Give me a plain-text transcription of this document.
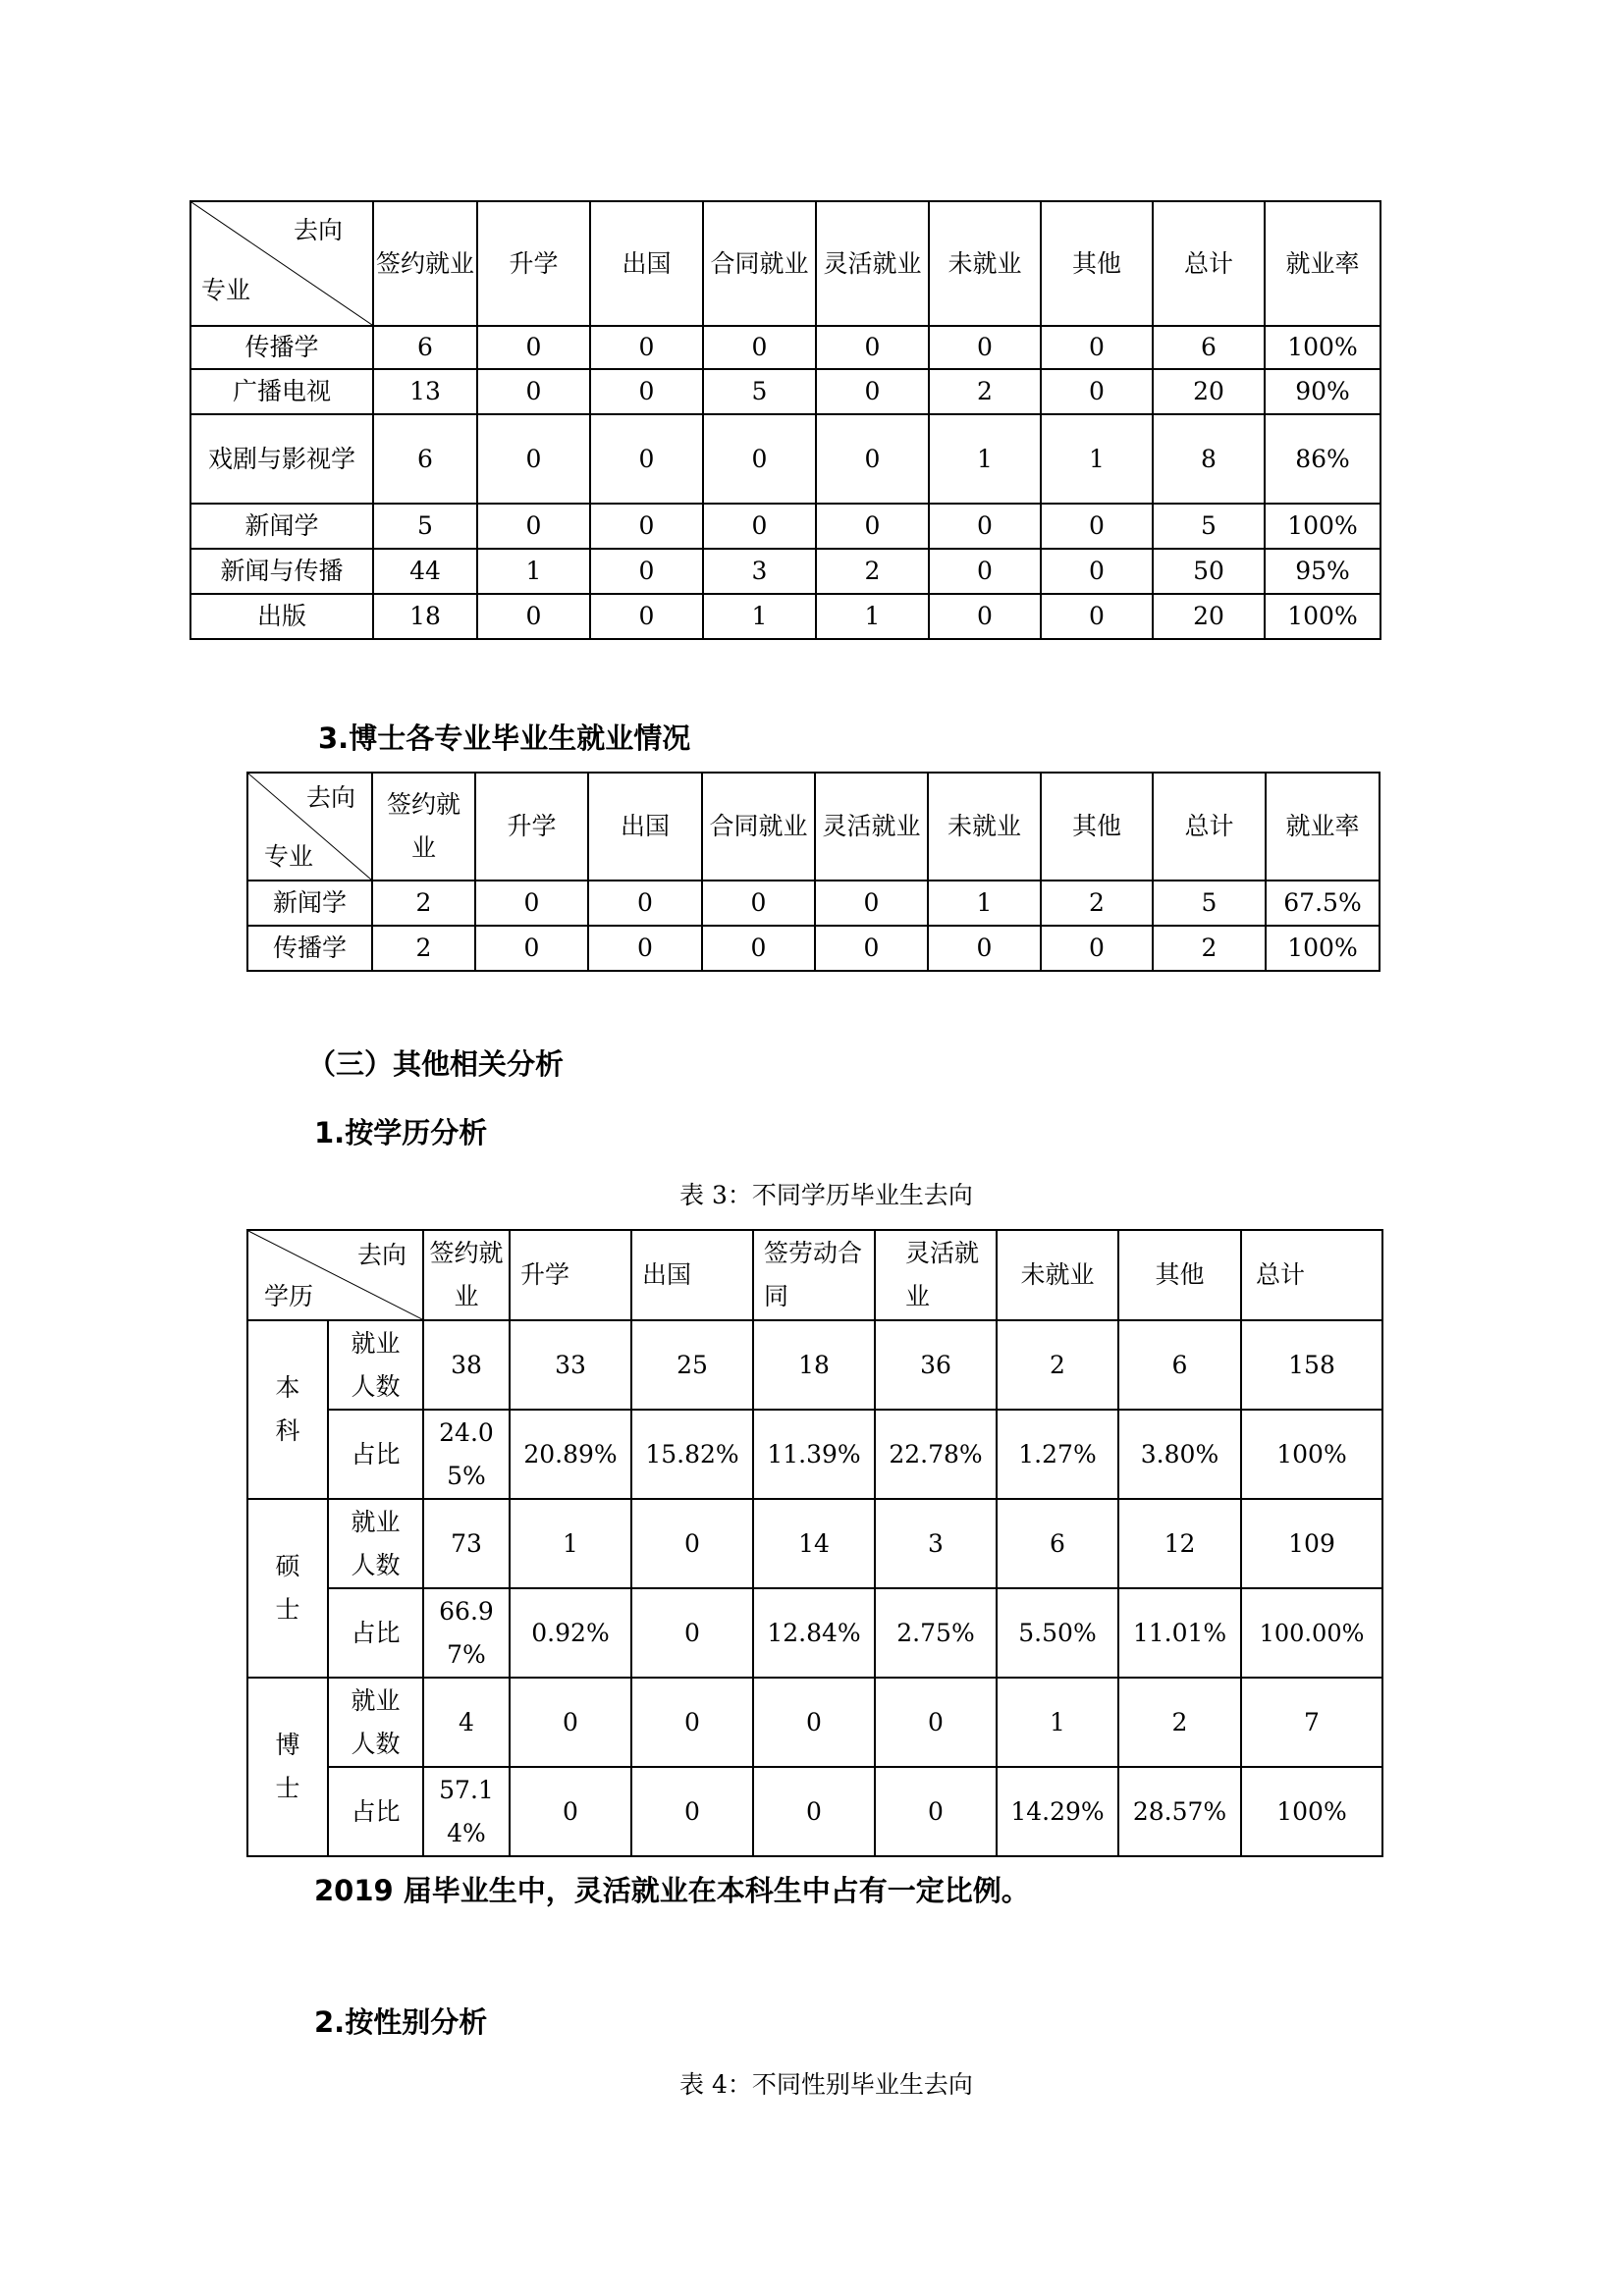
去向
专业	签约就业	升学	出国	合同就业	灵活就业	未就业	其他	总计	就业率
传播学	6	0	0	0	0	0	0	6	100%
广播电视	13	0	0	5	0	2	0	20	90%
戏剧与影视学	6	0	0	0	0	1	1	8	86%
新闻学	5	0	0	0	0	0	0	5	100%
新闻与传播	44	1	0	3	2	0	0	50	95%
出版	18	0	0	1	1	0	0	20	100%
3.博士各专业毕业生就业情况
去向
专业	签约就业	升学	出国	合同就业	灵活就业	未就业	其他	总计	就业率
新闻学	2	0	0	0	0	1	2	5	67.5%
传播学	2	0	0	0	0	0	0	2	100%
（三）其他相关分析
1.按学历分析
表 3：不同学历毕业生去向
去向
学历		签约就业	升学	出国	签劳动合同	灵活就业	未就业	其他	总计
本科	就业人数	38	33	25	18	36	2	6	158
	占比	24.05%	20.89%	15.82%	11.39%	22.78%	1.27%	3.80%	100%
硕士	就业人数	73	1	0	14	3	6	12	109
	占比	66.97%	0.92%	0	12.84%	2.75%	5.50%	11.01%	100.00%
博士	就业人数	4	0	0	0	0	1	2	7
	占比	57.14%	0	0	0	0	14.29%	28.57%	100%
2019 届毕业生中，灵活就业在本科生中占有一定比例。
2.按性别分析
表 4：不同性别毕业生去向
